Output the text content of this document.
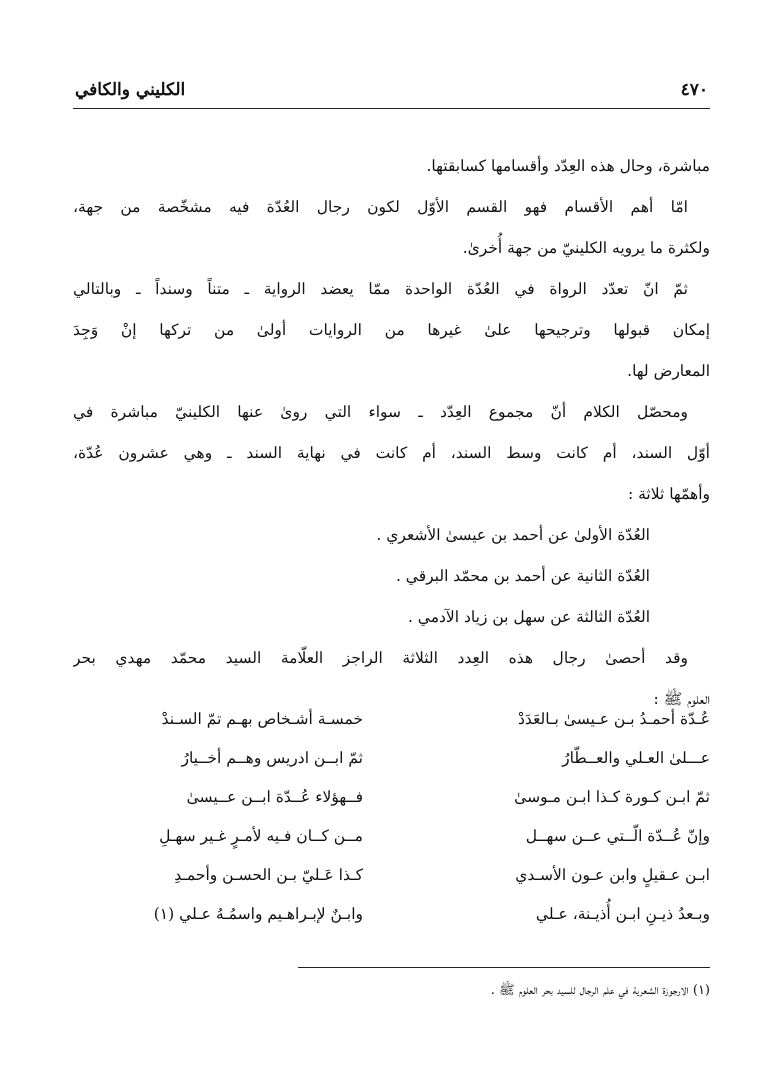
٤٧٠
الكليني والكافي
مباشرة، وحال هذه العِدّد وأقسامها كسابقتها.
امّا أهم الأقسام فهو القسم الأوّل لكون رجال العُدّة فيه مشخّصة من جهة،
ولكثرة ما يرويه الكلينيّ من جهة أُخرىٰ.
ثمّ انّ تعدّد الرواة في العُدّة الواحدة ممّا يعضد الرواية ـ متناً وسنداً ـ وبالتالي
إمكان قبولها وترجيحها علىٰ غيرها من الروايات أولىٰ من تركها إنْ وَجِدَ
المعارض لها.
ومحصّل الكلام أنّ مجموع العِدّد ـ سواء التي روىٰ عنها الكلينيّ مباشرة في
أوّل السند، أم كانت وسط السند، أم كانت في نهاية السند ـ وهي عشرون عُدّة،
وأهمّها ثلاثة :
العُدّة الأولىٰ عن أحمد بن عيسىٰ الأشعري .
العُدّة الثانية عن أحمد بن محمّد البرقي .
العُدّة الثالثة عن سهل بن زياد الآدمي .
وقد أحصىٰ رجال هذه العِدد الثلاثة الراجز العلّامة السيد محمّد مهدي بحر
العلوم ﷺ :
عُـدّة أحمـدُ بـن عـيسىٰ بـالعَدَدْ
خمسـة أشـخاص بهـم تمّ السـندْ
عـــلىٰ العـلي والعــطّارُ
ثمّ ابــن ادريس وهــم أخــيارُ
ثمّ ابـن كـورة كـذا ابـن مـوسىٰ
فــهؤلاء عُــدّة ابــن عــيسىٰ
وإنّ عُــدّة الّــتي عــن سهــل
مــن كــان فـيه لأمـرٍ غـير سهـلِ
ابـن عـقيلٍ وابن عـون الأسـدي
كـذا عَـليّ بـن الحسـن وأحمـدِ
وبـعدُ ذيـنِ ابـن أُذيـنة، عـلي
وابـنٌ لإبـراهـيم واسمُـهُ عـلي (١)
(١) الارجوزة الشعرية في علم الرجال للسيد بحر العلوم ﷺ .
